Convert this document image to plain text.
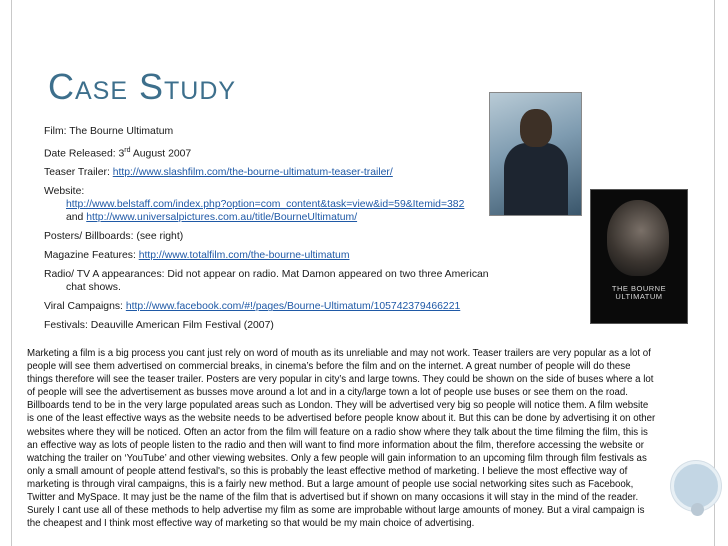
Case Study
Film: The Bourne Ultimatum
Date Released: 3rd August 2007
Teaser Trailer: http://www.slashfilm.com/the-bourne-ultimatum-teaser-trailer/
Website:
http://www.belstaff.com/index.php?option=com_content&task=view&id=59&Itemid=382
and http://www.universalpictures.com.au/title/BourneUltimatum/
Posters/ Billboards: (see right)
Magazine Features: http://www.totalfilm.com/the-bourne-ultimatum
Radio/ TV A appearances: Did not appear on radio. Mat Damon appeared on two three American
chat shows.
Viral Campaigns: http://www.facebook.com/#!/pages/Bourne-Ultimatum/105742379466221
Festivals: Deauville American Film Festival (2007)
THE BOURNE ULTIMATUM
Marketing a film is a big process you cant just rely on word of mouth as its unreliable and may not work. Teaser trailers are very popular as a lot of people will see them advertised on commercial breaks, in cinema’s before the film and on the internet. A great number of people will do these things therefore will see the teaser trailer. Posters are very popular in city’s and large towns. They could be shown on the side of buses where a lot of people will see the advertisement as busses move around a lot and in a city/large town a lot of people use buses or see them on the road. Billboards tend to be in the very large populated areas such as London. They will be advertised very big so people will notice them. A film website is one of the least effective ways as the website needs to be advertised before people know about it. But this can be done by advertising it on other websites where they will be noticed. Often an actor from the film will feature on a radio show where they talk about the time filming the film, this is an effective way as lots of people listen to the radio and then will want to find more information about the film, therefore accessing the website or watching the trailer on ‘YouTube’ and other viewing websites. Only a few people will gain information to an upcoming film through film festivals as only a small amount of people attend festival's, so this is probably the least effective method of marketing. I believe the most effective way of marketing is through viral campaigns, this is a fairly new method. But a large amount of people use social networking sites such as Facebook, Twitter and MySpace. It may just be the name of the film that is advertised but if shown on many occasions it will stay in the mind of the reader. Surely I cant use all of these methods to help advertise my film as some are improbable without large amounts of money. But a viral campaign is the cheapest and I think most effective way of marketing so that would be my main choice of advertising.
